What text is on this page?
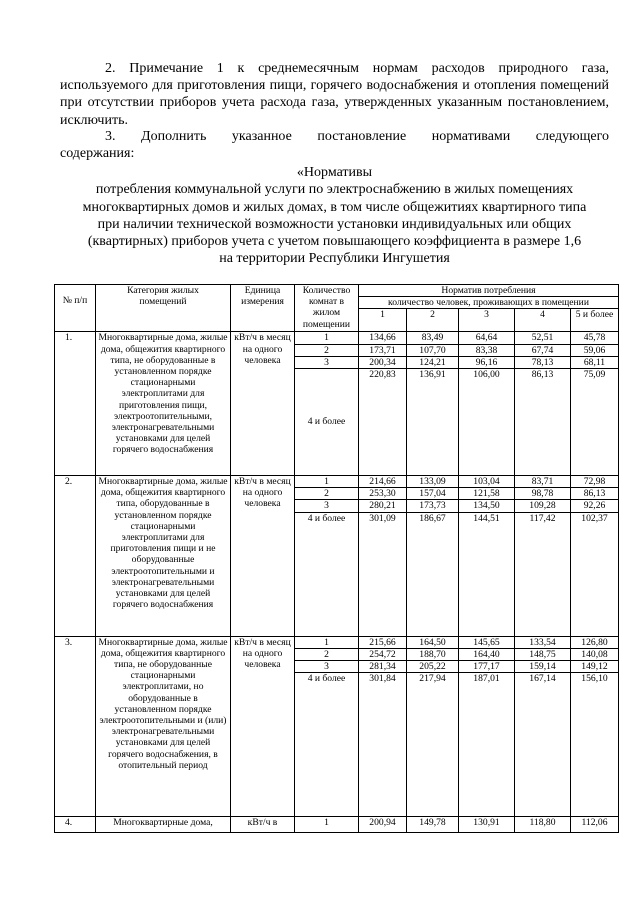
2. Примечание 1 к среднемесячным нормам расходов природного газа, используемого для приготовления пищи, горячего водоснабжения и отопления помещений при отсутствии приборов учета расхода газа, утвержденных указанным постановлением, исключить.

3. Дополнить указанное постановление нормативами следующего

содержания:

«Нормативы
потребления коммунальной услуги по электроснабжению в жилых помещениях
многоквартирных домов и жилых домах, в том числе общежитиях квартирного типа
при наличии технической возможности установки индивидуальных или общих
(квартирных) приборов учета с учетом повышающего коэффициента в размере 1,6
на территории Республики Ингушетия
№ п/п	Категория жилых помещений	Единица измерения	Количество комнат в жилом помещении	Норматив потребления				
				количество человек, проживающих в помещении				
				1	2	3	4	5 и более
1.	Многоквартирные дома, жилые дома, общежития квартирного типа, не оборудованные в установленном порядке стационарными электроплитами для приготовления пищи, электроотопительными, электронагревательными установками для целей горячего водоснабжения	кВт/ч в месяц на одного человека	1	134,66	83,49	64,64	52,51	45,78
			2	173,71	107,70	83,38	67,74	59,06
			3	200,34	124,21	96,16	78,13	68,11
			4 и более	220,83	136,91	106,00	86,13	75,09
2.	Многоквартирные дома, жилые дома, общежития квартирного типа, оборудованные в установленном порядке стационарными электроплитами для приготовления пищи и не оборудованные электроотопительными и электронагревательными установками для целей горячего водоснабжения	кВт/ч в месяц на одного человека	1	214,66	133,09	103,04	83,71	72,98
			2	253,30	157,04	121,58	98,78	86,13
			3	280,21	173,73	134,50	109,28	92,26
			4 и более	301,09	186,67	144,51	117,42	102,37
3.	Многоквартирные дома, жилые дома, общежития квартирного типа, не оборудованные стационарными электроплитами, но оборудованные в установленном порядке электроотопительными и (или) электронагревательными установками для целей горячего водоснабжения, в отопительный период	кВт/ч в месяц на одного человека	1	215,66	164,50	145,65	133,54	126,80
			2	254,72	188,70	164,40	148,75	140,08
			3	281,34	205,22	177,17	159,14	149,12
			4 и более	301,84	217,94	187,01	167,14	156,10
4.	Многоквартирные дома,	кВт/ч в	1	200,94	149,78	130,91	118,80	112,06
